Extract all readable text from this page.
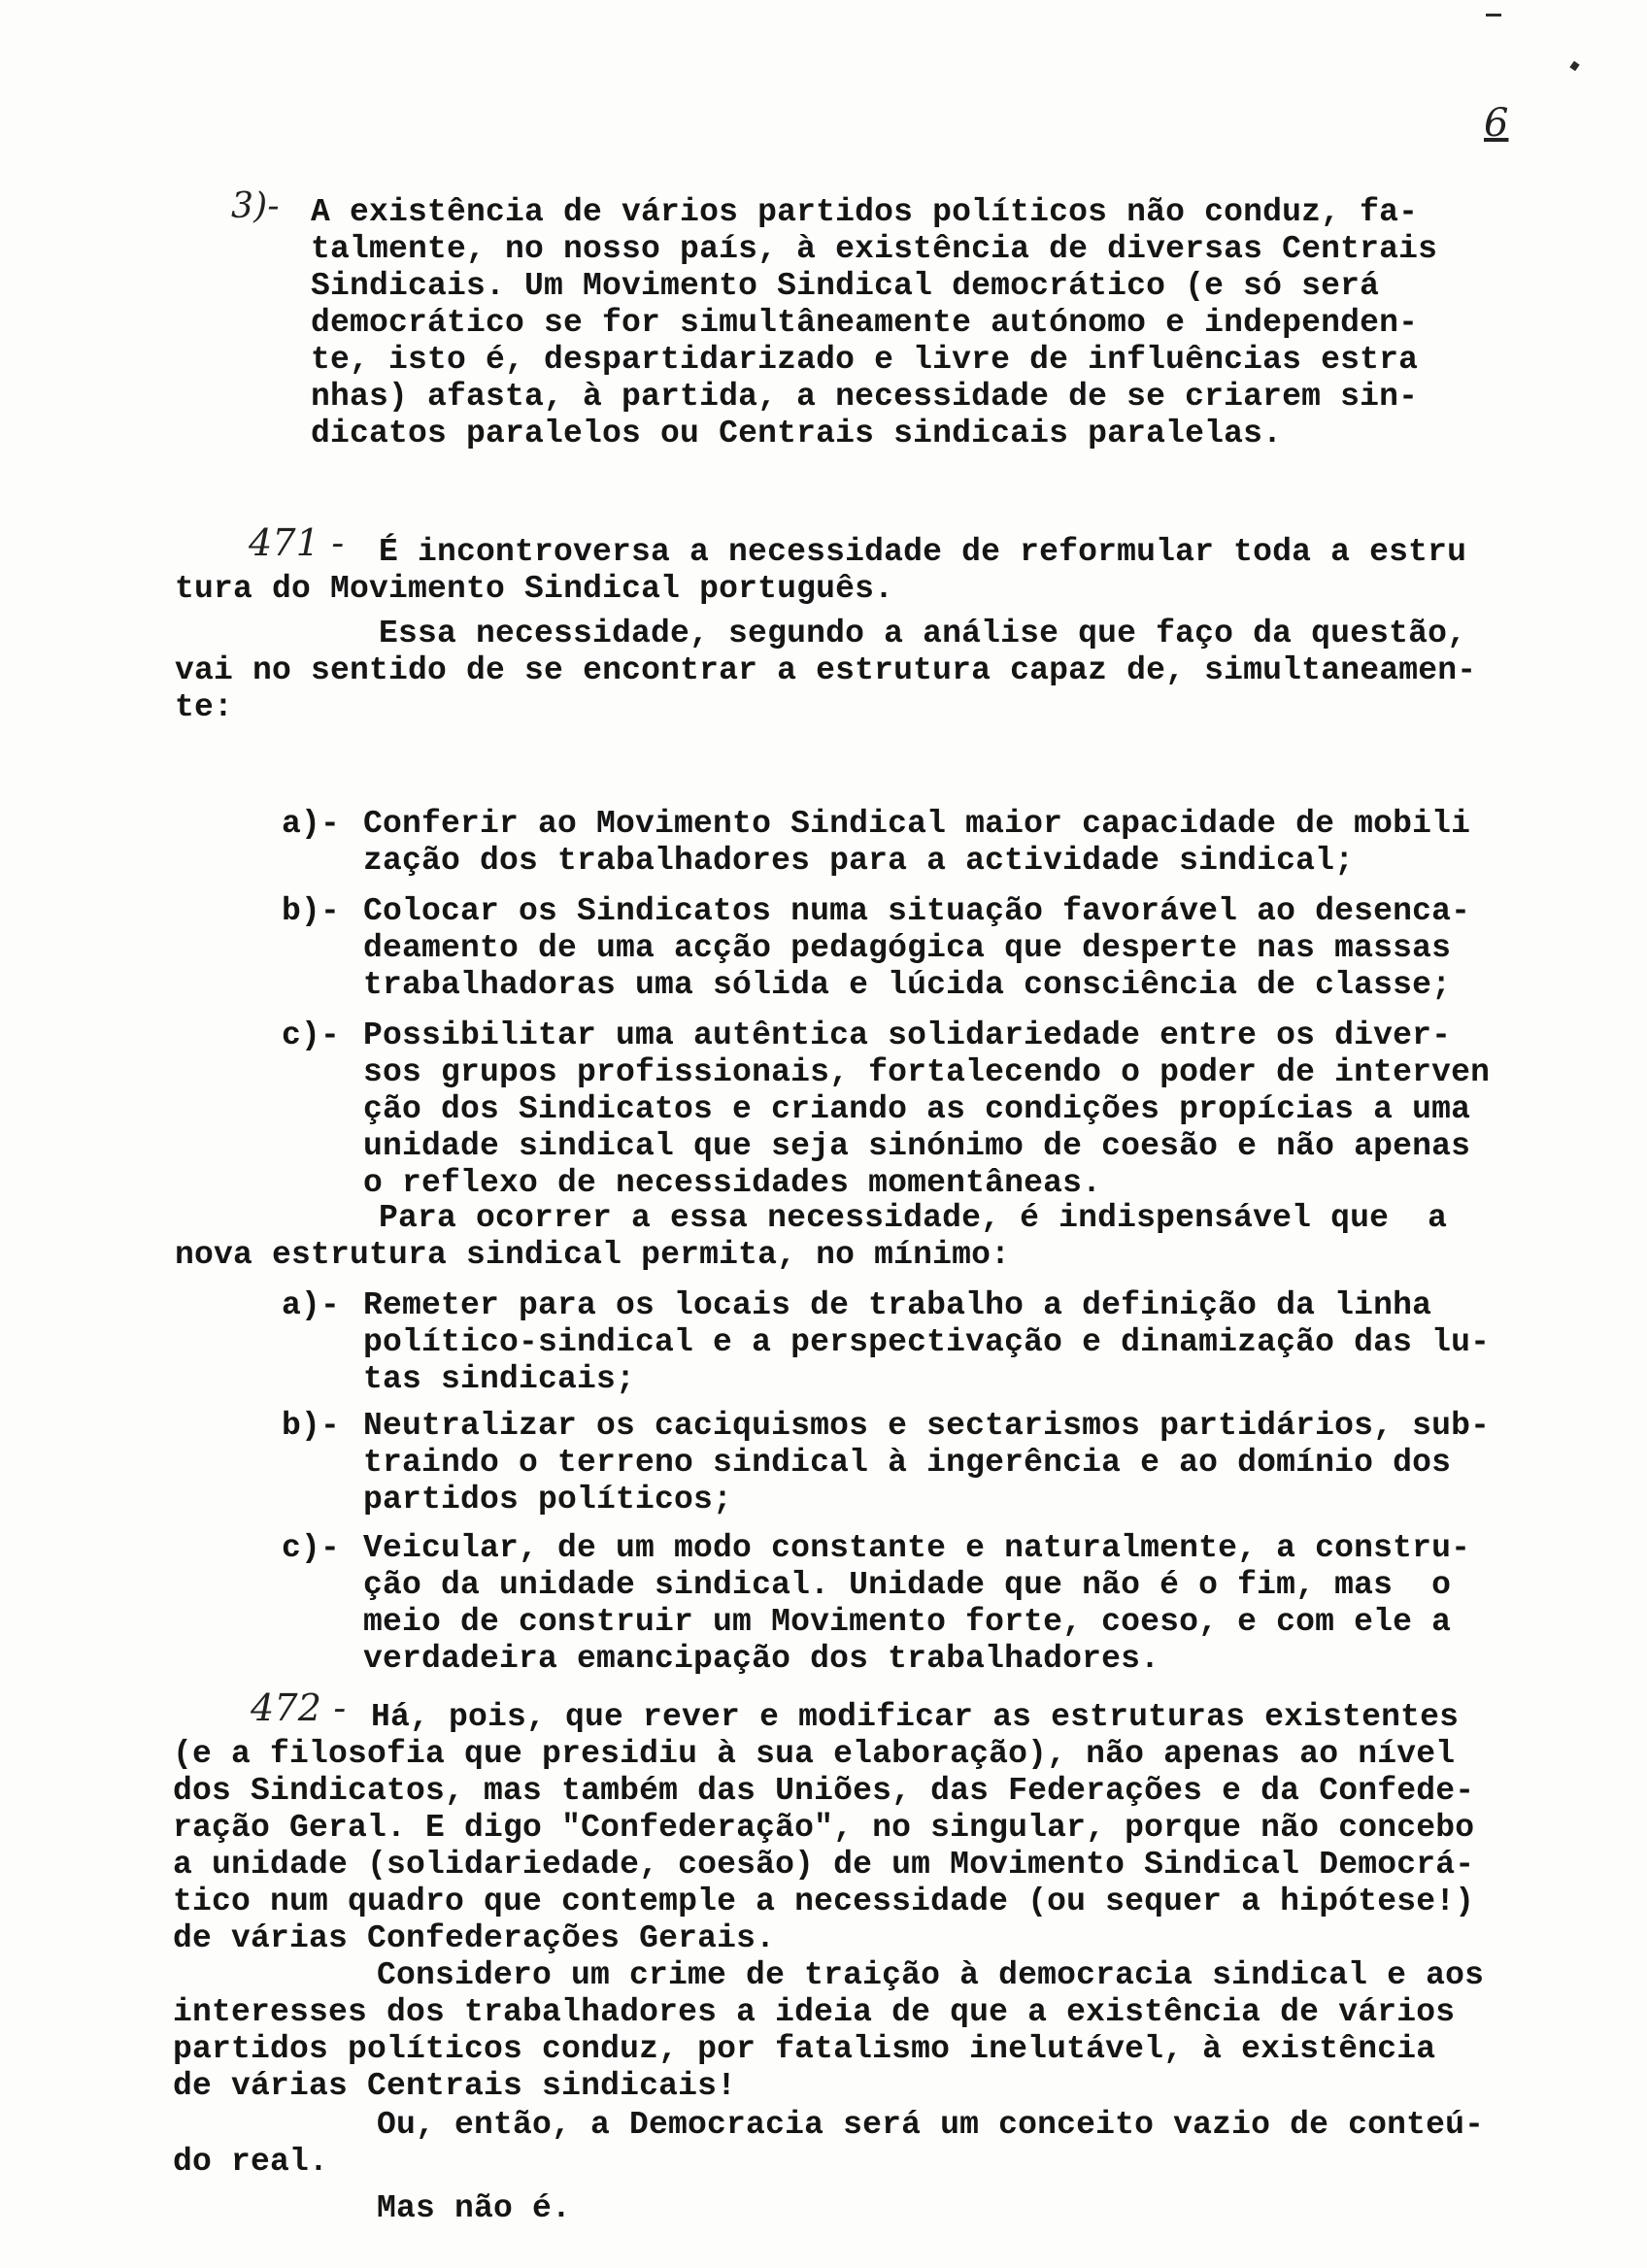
6
3)- A existência de vários partidos políticos não conduz, fa-
talmente, no nosso país, à existência de diversas Centrais
Sindicais. Um Movimento Sindical democrático (e só será
democrático se for simultâneamente autónomo e independen-
te, isto é, despartidarizado e livre de influências estra
nhas) afasta, à partida, a necessidade de se criarem sin-
dicatos paralelos ou Centrais sindicais paralelas.
471 -	É incontroversa a necessidade de reformular toda a estru
tura do Movimento Sindical português.
Essa necessidade, segundo a análise que faço da questão,
vai no sentido de se encontrar a estrutura capaz de, simultaneamen-
te:
a)- Conferir ao Movimento Sindical maior capacidade de mobili
zação dos trabalhadores para a actividade sindical;
b)- Colocar os Sindicatos numa situação favorável ao desenca-
deamento de uma acção pedagógica que desperte nas massas
trabalhadoras uma sólida e lúcida consciência de classe;
c)- Possibilitar uma autêntica solidariedade entre os diver-
sos grupos profissionais, fortalecendo o poder de interven
ção dos Sindicatos e criando as condições propícias a uma
unidade sindical que seja sinónimo de coesão e não apenas
o reflexo de necessidades momentâneas.
Para ocorrer a essa necessidade, é indispensável que  a
nova estrutura sindical permita, no mínimo:
a)- Remeter para os locais de trabalho a definição da linha
político-sindical e a perspectivação e dinamização das lu-
tas sindicais;
b)- Neutralizar os caciquismos e sectarismos partidários, sub-
traindo o terreno sindical à ingerência e ao domínio dos
partidos políticos;
c)- Veicular, de um modo constante e naturalmente, a constru-
ção da unidade sindical. Unidade que não é o fim, mas  o
meio de construir um Movimento forte, coeso, e com ele a
verdadeira emancipação dos trabalhadores.
472 - Há, pois, que rever e modificar as estruturas existentes
(e a filosofia que presidiu à sua elaboração), não apenas ao nível
dos Sindicatos, mas também das Uniões, das Federações e da Confede-
ração Geral. E digo "Confederação", no singular, porque não concebo
a unidade (solidariedade, coesão) de um Movimento Sindical Democrá-
tico num quadro que contemple a necessidade (ou sequer a hipótese!)
de várias Confederações Gerais.
Considero um crime de traição à democracia sindical e aos
interesses dos trabalhadores a ideia de que a existência de vários
partidos políticos conduz, por fatalismo inelutável, à existência
de várias Centrais sindicais!
Ou, então, a Democracia será um conceito vazio de conteú-
do real.
Mas não é.
